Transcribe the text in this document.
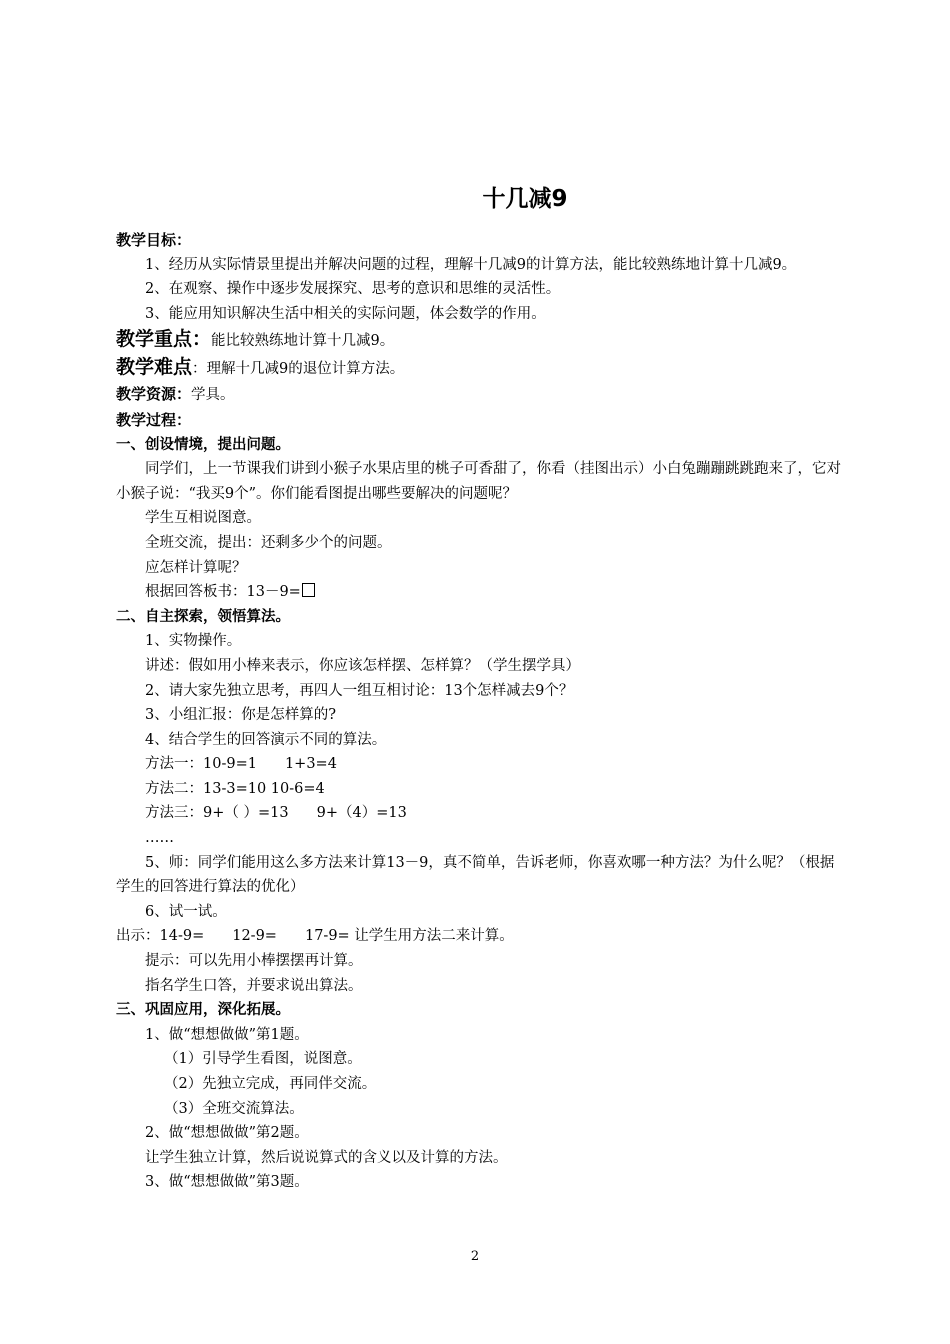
十几减9
教学目标：
1、经历从实际情景里提出并解决问题的过程，理解十几减9的计算方法，能比较熟练地计算十几减9。
2、在观察、操作中逐步发展探究、思考的意识和思维的灵活性。
3、能应用知识解决生活中相关的实际问题，体会数学的作用。
教学重点：能比较熟练地计算十几减9。
教学难点：理解十几减9的退位计算方法。
教学资源：学具。
教学过程：
一、创设情境，提出问题。
同学们，上一节课我们讲到小猴子水果店里的桃子可香甜了，你看（挂图出示）小白兔蹦蹦跳跳跑来了，它对小猴子说：“我买9个”。你们能看图提出哪些要解决的问题呢？
学生互相说图意。
全班交流，提出：还剩多少个的问题。
应怎样计算呢？
根据回答板书：13－9=
二、自主探索，领悟算法。
1、实物操作。
讲述：假如用小棒来表示，你应该怎样摆、怎样算？（学生摆学具）
2、请大家先独立思考，再四人一组互相讨论：13个怎样减去9个？
3、小组汇报：你是怎样算的?
4、结合学生的回答演示不同的算法。
方法一：10-9=1 1+3=4
方法二：13-3=10 10-6=4
方法三：9+（ ）=13 9+（4）=13
……
5、师：同学们能用这么多方法来计算13－9，真不简单，告诉老师，你喜欢哪一种方法？为什么呢？（根据学生的回答进行算法的优化）
6、试一试。
出示：14-9= 12-9= 17-9= 让学生用方法二来计算。
提示：可以先用小棒摆摆再计算。
指名学生口答，并要求说出算法。
三、巩固应用，深化拓展。
1、做“想想做做”第1题。
（1）引导学生看图，说图意。
（2）先独立完成，再同伴交流。
（3）全班交流算法。
2、做“想想做做”第2题。
让学生独立计算，然后说说算式的含义以及计算的方法。
3、做“想想做做”第3题。
2
